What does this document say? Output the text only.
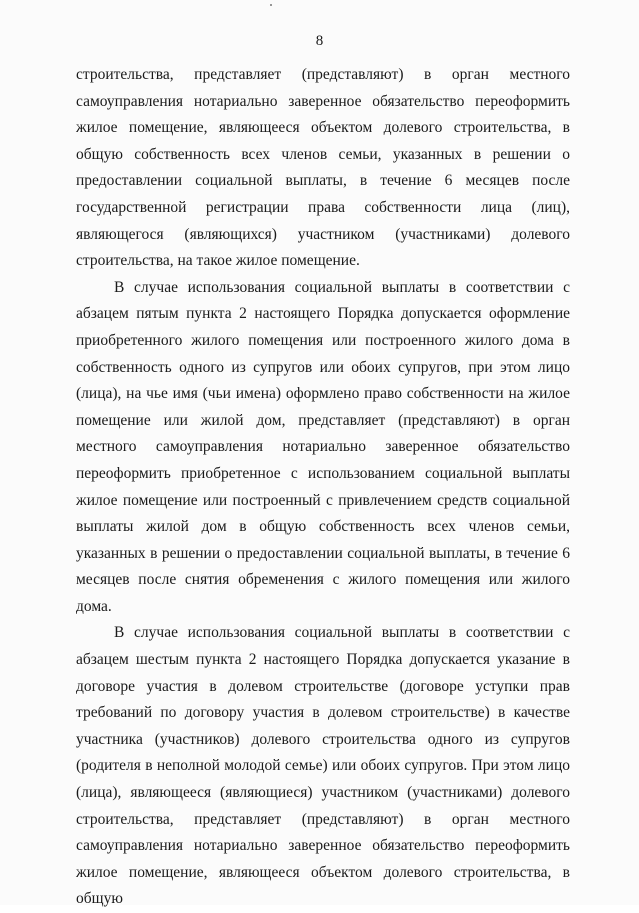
8

строительства, представляет (представляют) в орган местного самоуправления нотариально заверенное обязательство переоформить жилое помещение, являющееся объектом долевого строительства, в общую собственность всех членов семьи, указанных в решении о предоставлении социальной выплаты, в течение 6 месяцев после государственной регистрации права собственности лица (лиц), являющегося (являющихся) участником (участниками) долевого строительства, на такое жилое помещение.

В случае использования социальной выплаты в соответствии с абзацем пятым пункта 2 настоящего Порядка допускается оформление приобретенного жилого помещения или построенного жилого дома в собственность одного из супругов или обоих супругов, при этом лицо (лица), на чье имя (чьи имена) оформлено право собственности на жилое помещение или жилой дом, представляет (представляют) в орган местного самоуправления нотариально заверенное обязательство переоформить приобретенное с использованием социальной выплаты жилое помещение или построенный с привлечением средств социальной выплаты жилой дом в общую собственность всех членов семьи, указанных в решении о предоставлении социальной выплаты, в течение 6 месяцев после снятия обременения с жилого помещения или жилого дома.

В случае использования социальной выплаты в соответствии с абзацем шестым пункта 2 настоящего Порядка допускается указание в договоре участия в долевом строительстве (договоре уступки прав требований по договору участия в долевом строительстве) в качестве участника (участников) долевого строительства одного из супругов (родителя в неполной молодой семье) или обоих супругов. При этом лицо (лица), являющееся (являющиеся) участником (участниками) долевого строительства, представляет (представляют) в орган местного самоуправления нотариально заверенное обязательство переоформить жилое помещение, являющееся объектом долевого строительства, в общую
